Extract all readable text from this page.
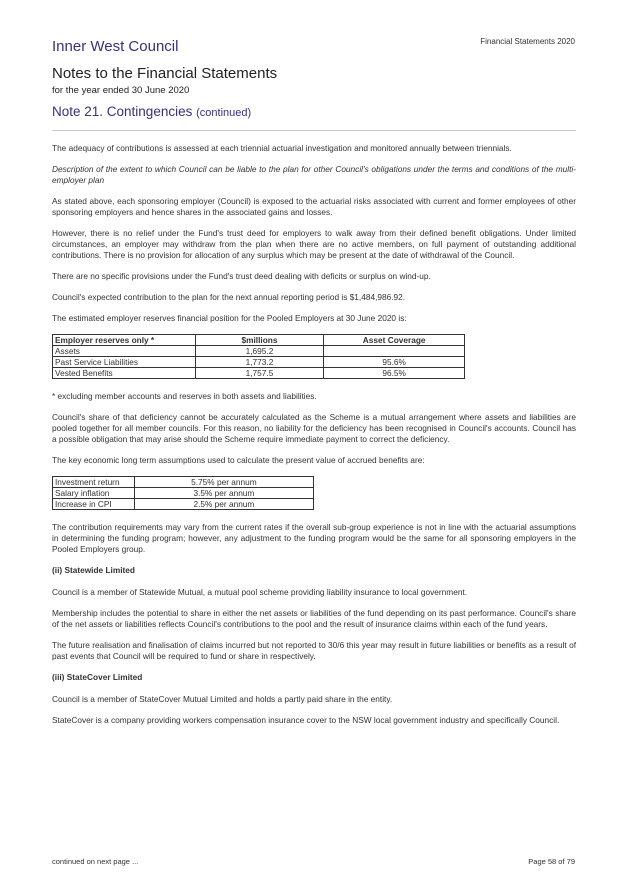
Inner West Council	Financial Statements 2020
Notes to the Financial Statements
for the year ended 30 June 2020
Note 21. Contingencies (continued)

The adequacy of contributions is assessed at each triennial actuarial investigation and monitored annually between triennials.

Description of the extent to which Council can be liable to the plan for other Council's obligations under the terms and conditions of the multi-employer plan

As stated above, each sponsoring employer (Council) is exposed to the actuarial risks associated with current and former employees of other sponsoring employers and hence shares in the associated gains and losses.

However, there is no relief under the Fund's trust deed for employers to walk away from their defined benefit obligations. Under limited circumstances, an employer may withdraw from the plan when there are no active members, on full payment of outstanding additional contributions. There is no provision for allocation of any surplus which may be present at the date of withdrawal of the Council.

There are no specific provisions under the Fund's trust deed dealing with deficits or surplus on wind-up.

Council's expected contribution to the plan for the next annual reporting period is $1,484,986.92.

The estimated employer reserves financial position for the Pooled Employers at 30 June 2020 is:

Employer reserves only *	$millions	Asset Coverage
Assets	1,695.2	
Past Service Liabilities	1,773.2	95.6%
Vested Benefits	1,757.5	96.5%

* excluding member accounts and reserves in both assets and liabilities.

Council's share of that deficiency cannot be accurately calculated as the Scheme is a mutual arrangement where assets and liabilities are pooled together for all member councils. For this reason, no liability for the deficiency has been recognised in Council's accounts. Council has a possible obligation that may arise should the Scheme require immediate payment to correct the deficiency.

The key economic long term assumptions used to calculate the present value of accrued benefits are:

Investment return	5.75% per annum
Salary inflation	3.5% per annum
Increase in CPI	2.5% per annum

The contribution requirements may vary from the current rates if the overall sub-group experience is not in line with the actuarial assumptions in determining the funding program; however, any adjustment to the funding program would be the same for all sponsoring employers in the Pooled Employers group.

(ii) Statewide Limited

Council is a member of Statewide Mutual, a mutual pool scheme providing liability insurance to local government.

Membership includes the potential to share in either the net assets or liabilities of the fund depending on its past performance. Council's share of the net assets or liabilities reflects Council's contributions to the pool and the result of insurance claims within each of the fund years.

The future realisation and finalisation of claims incurred but not reported to 30/6 this year may result in future liabilities or benefits as a result of past events that Council will be required to fund or share in respectively.

(iii) StateCover Limited

Council is a member of StateCover Mutual Limited and holds a partly paid share in the entity.

StateCover is a company providing workers compensation insurance cover to the NSW local government industry and specifically Council.

continued on next page ...	Page 58 of 79
